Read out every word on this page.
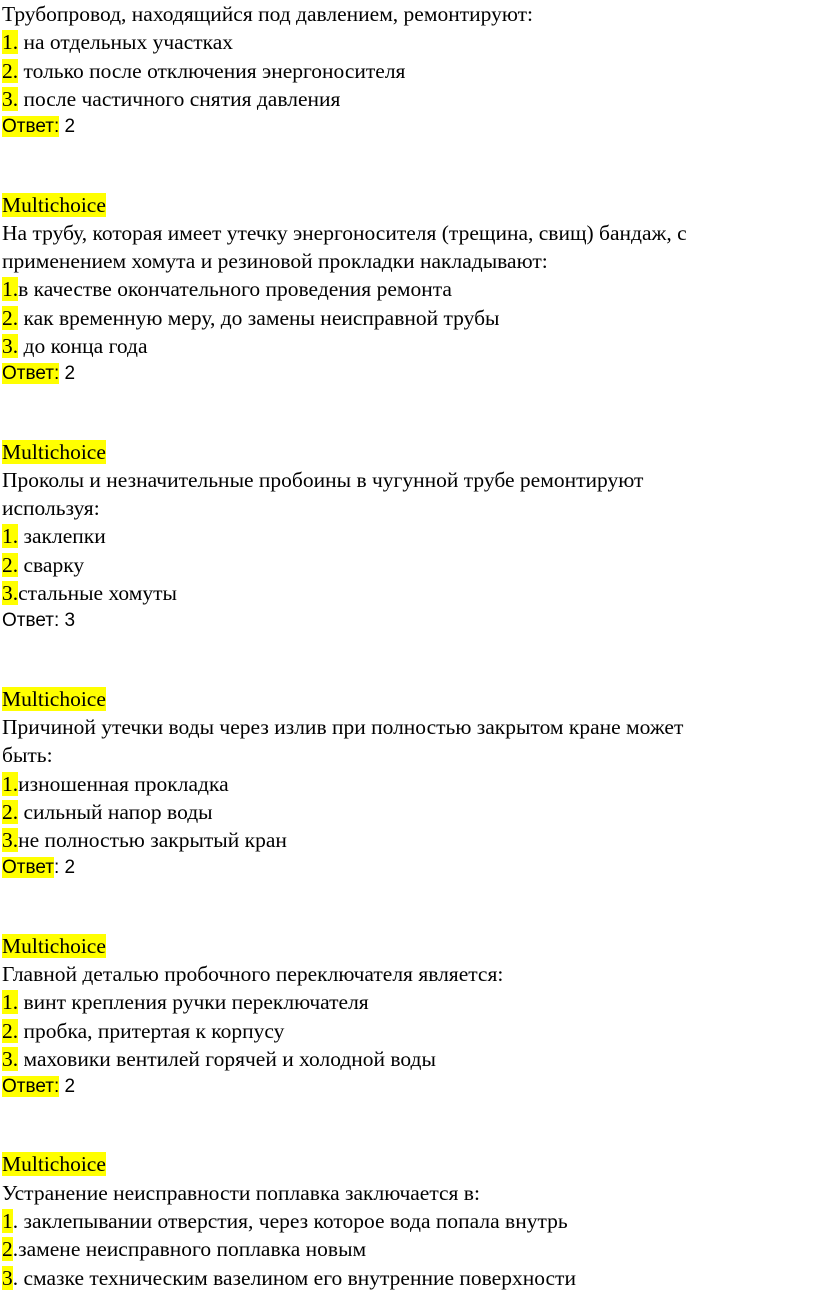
Трубопровод, находящийся под давлением, ремонтируют:
1. на отдельных участках
2. только после отключения энергоносителя
3. после частичного снятия давления
Ответ: 2
Multichoice
На трубу, которая имеет утечку энергоносителя (трещина, свищ) бандаж, с
применением хомута и резиновой прокладки накладывают:
1.в качестве окончательного проведения ремонта
2. как временную меру, до замены неисправной трубы
3. до конца года
Ответ: 2
Multichoice
Проколы и незначительные пробоины в чугунной трубе ремонтируют
используя:
1. заклепки
2. сварку
3.стальные хомуты
Ответ: 3
Multichoice
Причиной утечки воды через излив при полностью закрытом кране может
быть:
1.изношенная прокладка
2. сильный напор воды
3.не полностью закрытый кран
Ответ: 2
Multichoice
Главной деталью пробочного переключателя является:
1. винт крепления ручки переключателя
2. пробка, притертая к корпусу
3. маховики вентилей горячей и холодной воды
Ответ: 2
Multichoice
Устранение неисправности поплавка заключается в:
1. заклепывании отверстия, через которое вода попала внутрь
2.замене неисправного поплавка новым
3. смазке техническим вазелином его внутренние поверхности
